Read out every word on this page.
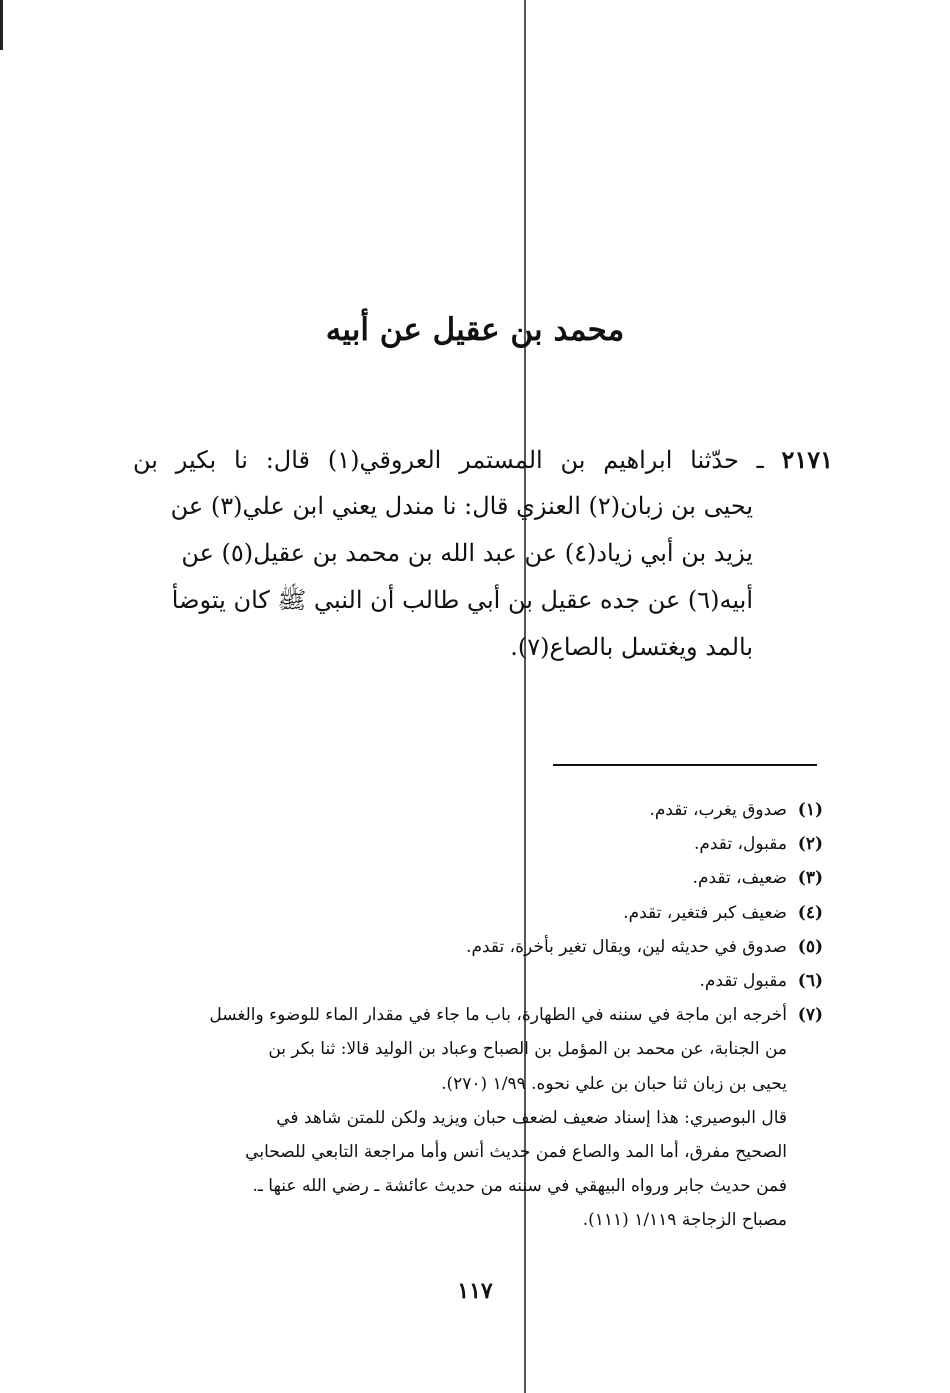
محمد بن عقيل عن أبيه
٢١٧١ ـ حدّثنا ابراهيم بن المستمر العروقي(١) قال: نا بكير بن
يحيى بن زبان(٢) العنزي قال: نا مندل يعني ابن علي(٣) عن
يزيد بن أبي زياد(٤) عن عبد الله بن محمد بن عقيل(٥) عن
أبيه(٦) عن جده عقيل بن أبي طالب أن النبي ﷺ كان يتوضأ
بالمد ويغتسل بالصاع(٧).
(١)صدوق يغرب، تقدم.
(٢)مقبول، تقدم.
(٣)ضعيف، تقدم.
(٤)ضعيف كبر فتغير، تقدم.
(٥)صدوق في حديثه لين، ويقال تغير بأخرة، تقدم.
(٦)مقبول تقدم.
(٧)أخرجه ابن ماجة في سننه في الطهارة، باب ما جاء في مقدار الماء للوضوء والغسل
من الجنابة، عن محمد بن المؤمل بن الصباح وعباد بن الوليد قالا: ثنا بكر بن
يحيى بن زبان ثنا حبان بن علي نحوه. ١/٩٩ (٢٧٠).
قال البوصيري: هذا إسناد ضعيف لضعف حبان ويزيد ولكن للمتن شاهد في
الصحيح مفرق، أما المد والصاع فمن حديث أنس وأما مراجعة التابعي للصحابي
فمن حديث جابر ورواه البيهقي في سننه من حديث عائشة ـ رضي الله عنها ـ.
مصباح الزجاجة ١/١١٩ (١١١).
١١٧
